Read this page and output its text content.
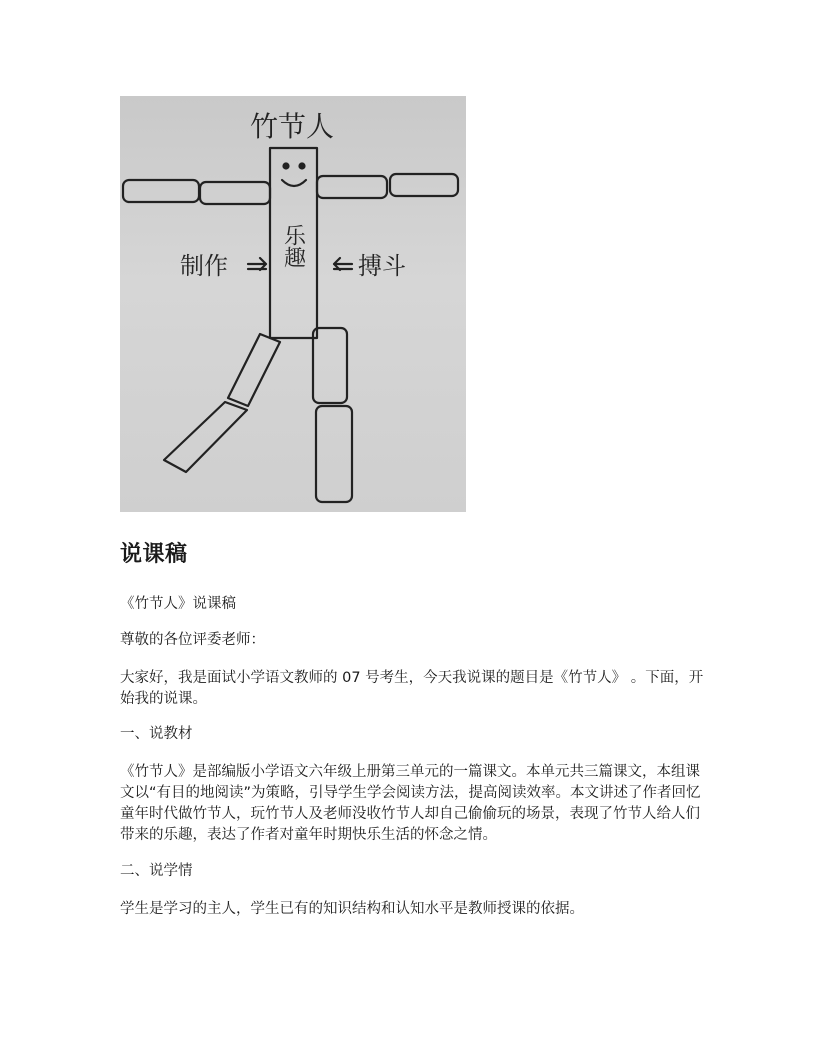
竹节人
制作	搏斗
乐趣
说课稿

《竹节人》说课稿

尊敬的各位评委老师：

大家好，我是面试小学语文教师的 07 号考生，今天我说课的题目是《竹节人》 。下面，开始我的说课。

一、说教材

《竹节人》是部编版小学语文六年级上册第三单元的一篇课文。本单元共三篇课文，本组课文以“有目的地阅读”为策略，引导学生学会阅读方法，提高阅读效率。本文讲述了作者回忆童年时代做竹节人，玩竹节人及老师没收竹节人却自己偷偷玩的场景，表现了竹节人给人们带来的乐趣，表达了作者对童年时期快乐生活的怀念之情。

二、说学情

学生是学习的主人，学生已有的知识结构和认知水平是教师授课的依据。
